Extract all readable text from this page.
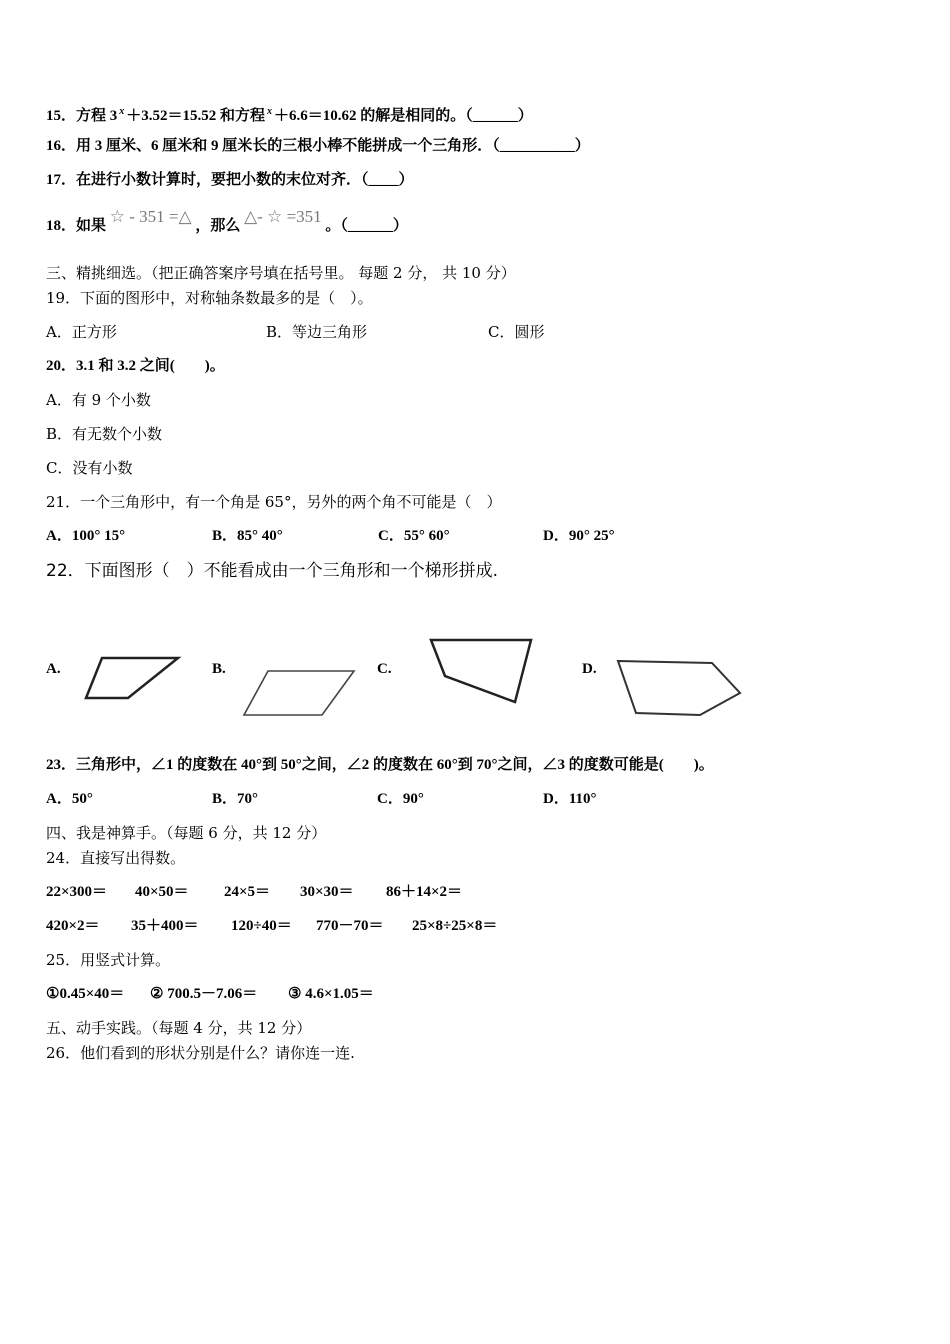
15．方程 3 $^x$ ＋3.52＝15.52 和方程 $^x$ ＋6.6＝10.62 的解是相同的。（______）
16．用 3 厘米、6 厘米和 9 厘米长的三根小棒不能拼成一个三角形．（__________）
17．在进行小数计算时，要把小数的末位对齐．（____）
18．如果 ☆ - 351 =△ ，那么 △- ☆ =351 。（______）
三、精挑细选。（把正确答案序号填在括号里。 每题 2 分， 共 10 分）
19．下面的图形中，对称轴条数最多的是（　）。
A．正方形	B．等边三角形	C．圆形
20．3.1 和 3.2 之间(　　)。
A．有 9 个小数
B．有无数个小数
C．没有小数
21．一个三角形中，有一个角是 65°，另外的两个角不可能是（　）
A．100° 15°	B．85° 40°	C．55° 60°	D．90° 25°
22．下面图形（　）不能看成由一个三角形和一个梯形拼成.
A.	B.	C.	D.
23．三角形中，∠1 的度数在 40°到 50°之间，∠2 的度数在 60°到 70°之间，∠3 的度数可能是(　　)。
A．50°	B．70°	C．90°	D．110°
四、我是神算手。（每题 6 分，共 12 分）
24．直接写出得数。
22×300＝ 40×50＝ 24×5＝ 30×30＝ 86＋14×2＝
420×2＝ 35＋400＝ 120÷40＝ 770－70＝ 25×8÷25×8＝
25．用竖式计算。
①0.45×40＝ ② 700.5－7.06＝ ③ 4.6×1.05＝
五、动手实践。（每题 4 分，共 12 分）
26．他们看到的形状分别是什么？请你连一连.
